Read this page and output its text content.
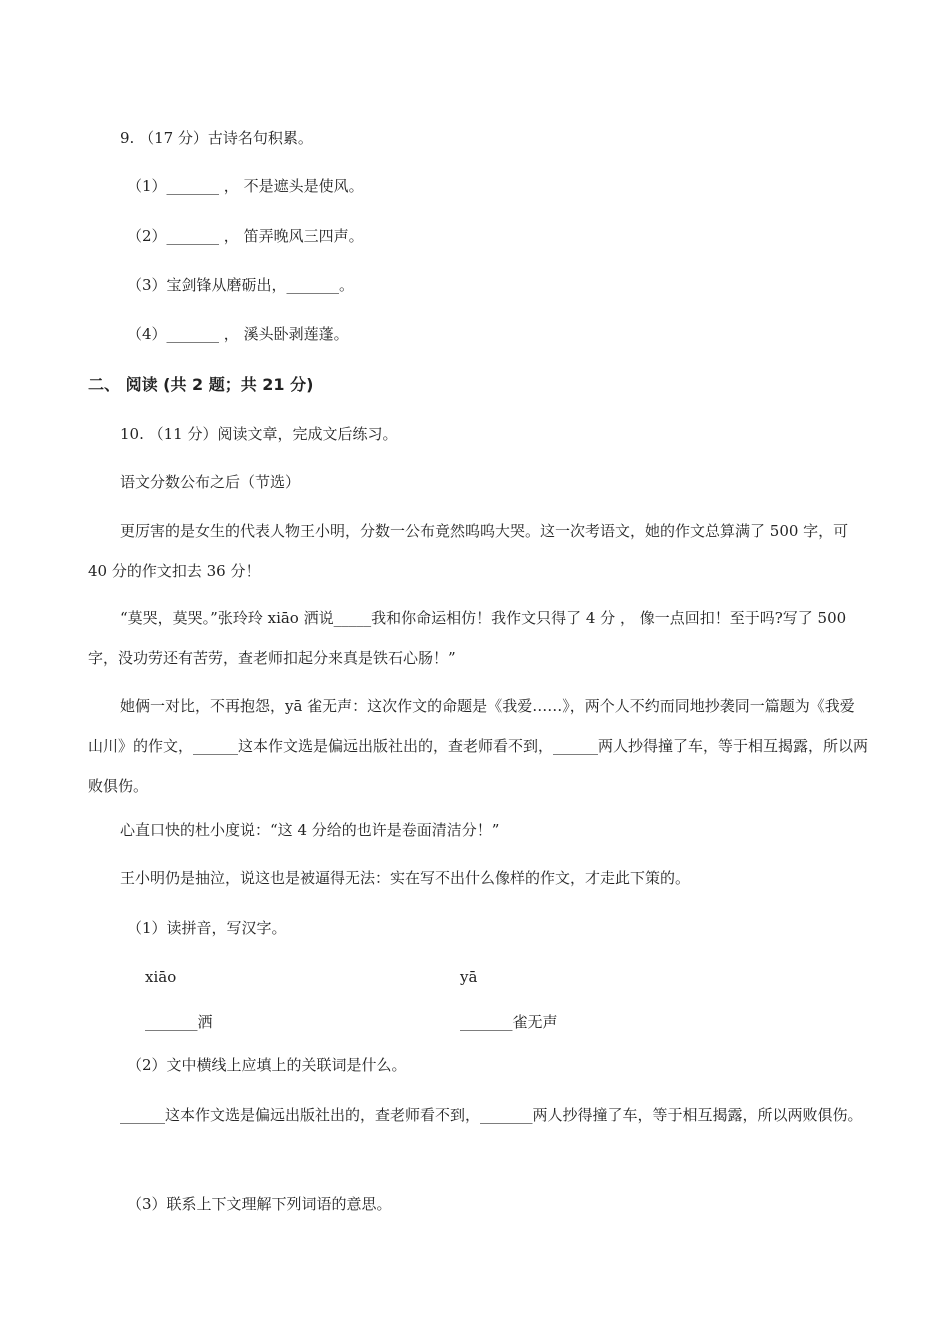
9. （17 分）古诗名句积累。
（1）_______ ， 不是遮头是使风。
（2）_______ ， 笛弄晚风三四声。
（3）宝剑锋从磨砺出，_______。
（4）_______ ， 溪头卧剥莲蓬。
二、 阅读 (共 2 题；共 21 分)
10. （11 分）阅读文章，完成文后练习。
语文分数公布之后（节选）
更厉害的是女生的代表人物王小明，分数一公布竟然呜呜大哭。这一次考语文，她的作文总算满了 500 字，可 40 分的作文扣去 36 分！
“莫哭，莫哭。”张玲玲 xiāo 洒说_____我和你命运相仿！我作文只得了 4 分 ， 像一点回扣！至于吗?写了 500 字，没功劳还有苦劳，查老师扣起分来真是铁石心肠！”
她俩一对比，不再抱怨，yā 雀无声：这次作文的命题是《我爱……》，两个人不约而同地抄袭同一篇题为《我爱山川》的作文，______这本作文选是偏远出版社出的，查老师看不到，______两人抄得撞了车，等于相互揭露，所以两败俱伤。
心直口快的杜小度说：“这 4 分给的也许是卷面清洁分！”
王小明仍是抽泣，说这也是被逼得无法：实在写不出什么像样的作文，才走此下策的。
（1）读拼音，写汉字。
xiāo	yā
_______洒	_______雀无声
（2）文中横线上应填上的关联词是什么。
______这本作文选是偏远出版社出的，查老师看不到，_______两人抄得撞了车，等于相互揭露，所以两败俱伤。
（3）联系上下文理解下列词语的意思。
